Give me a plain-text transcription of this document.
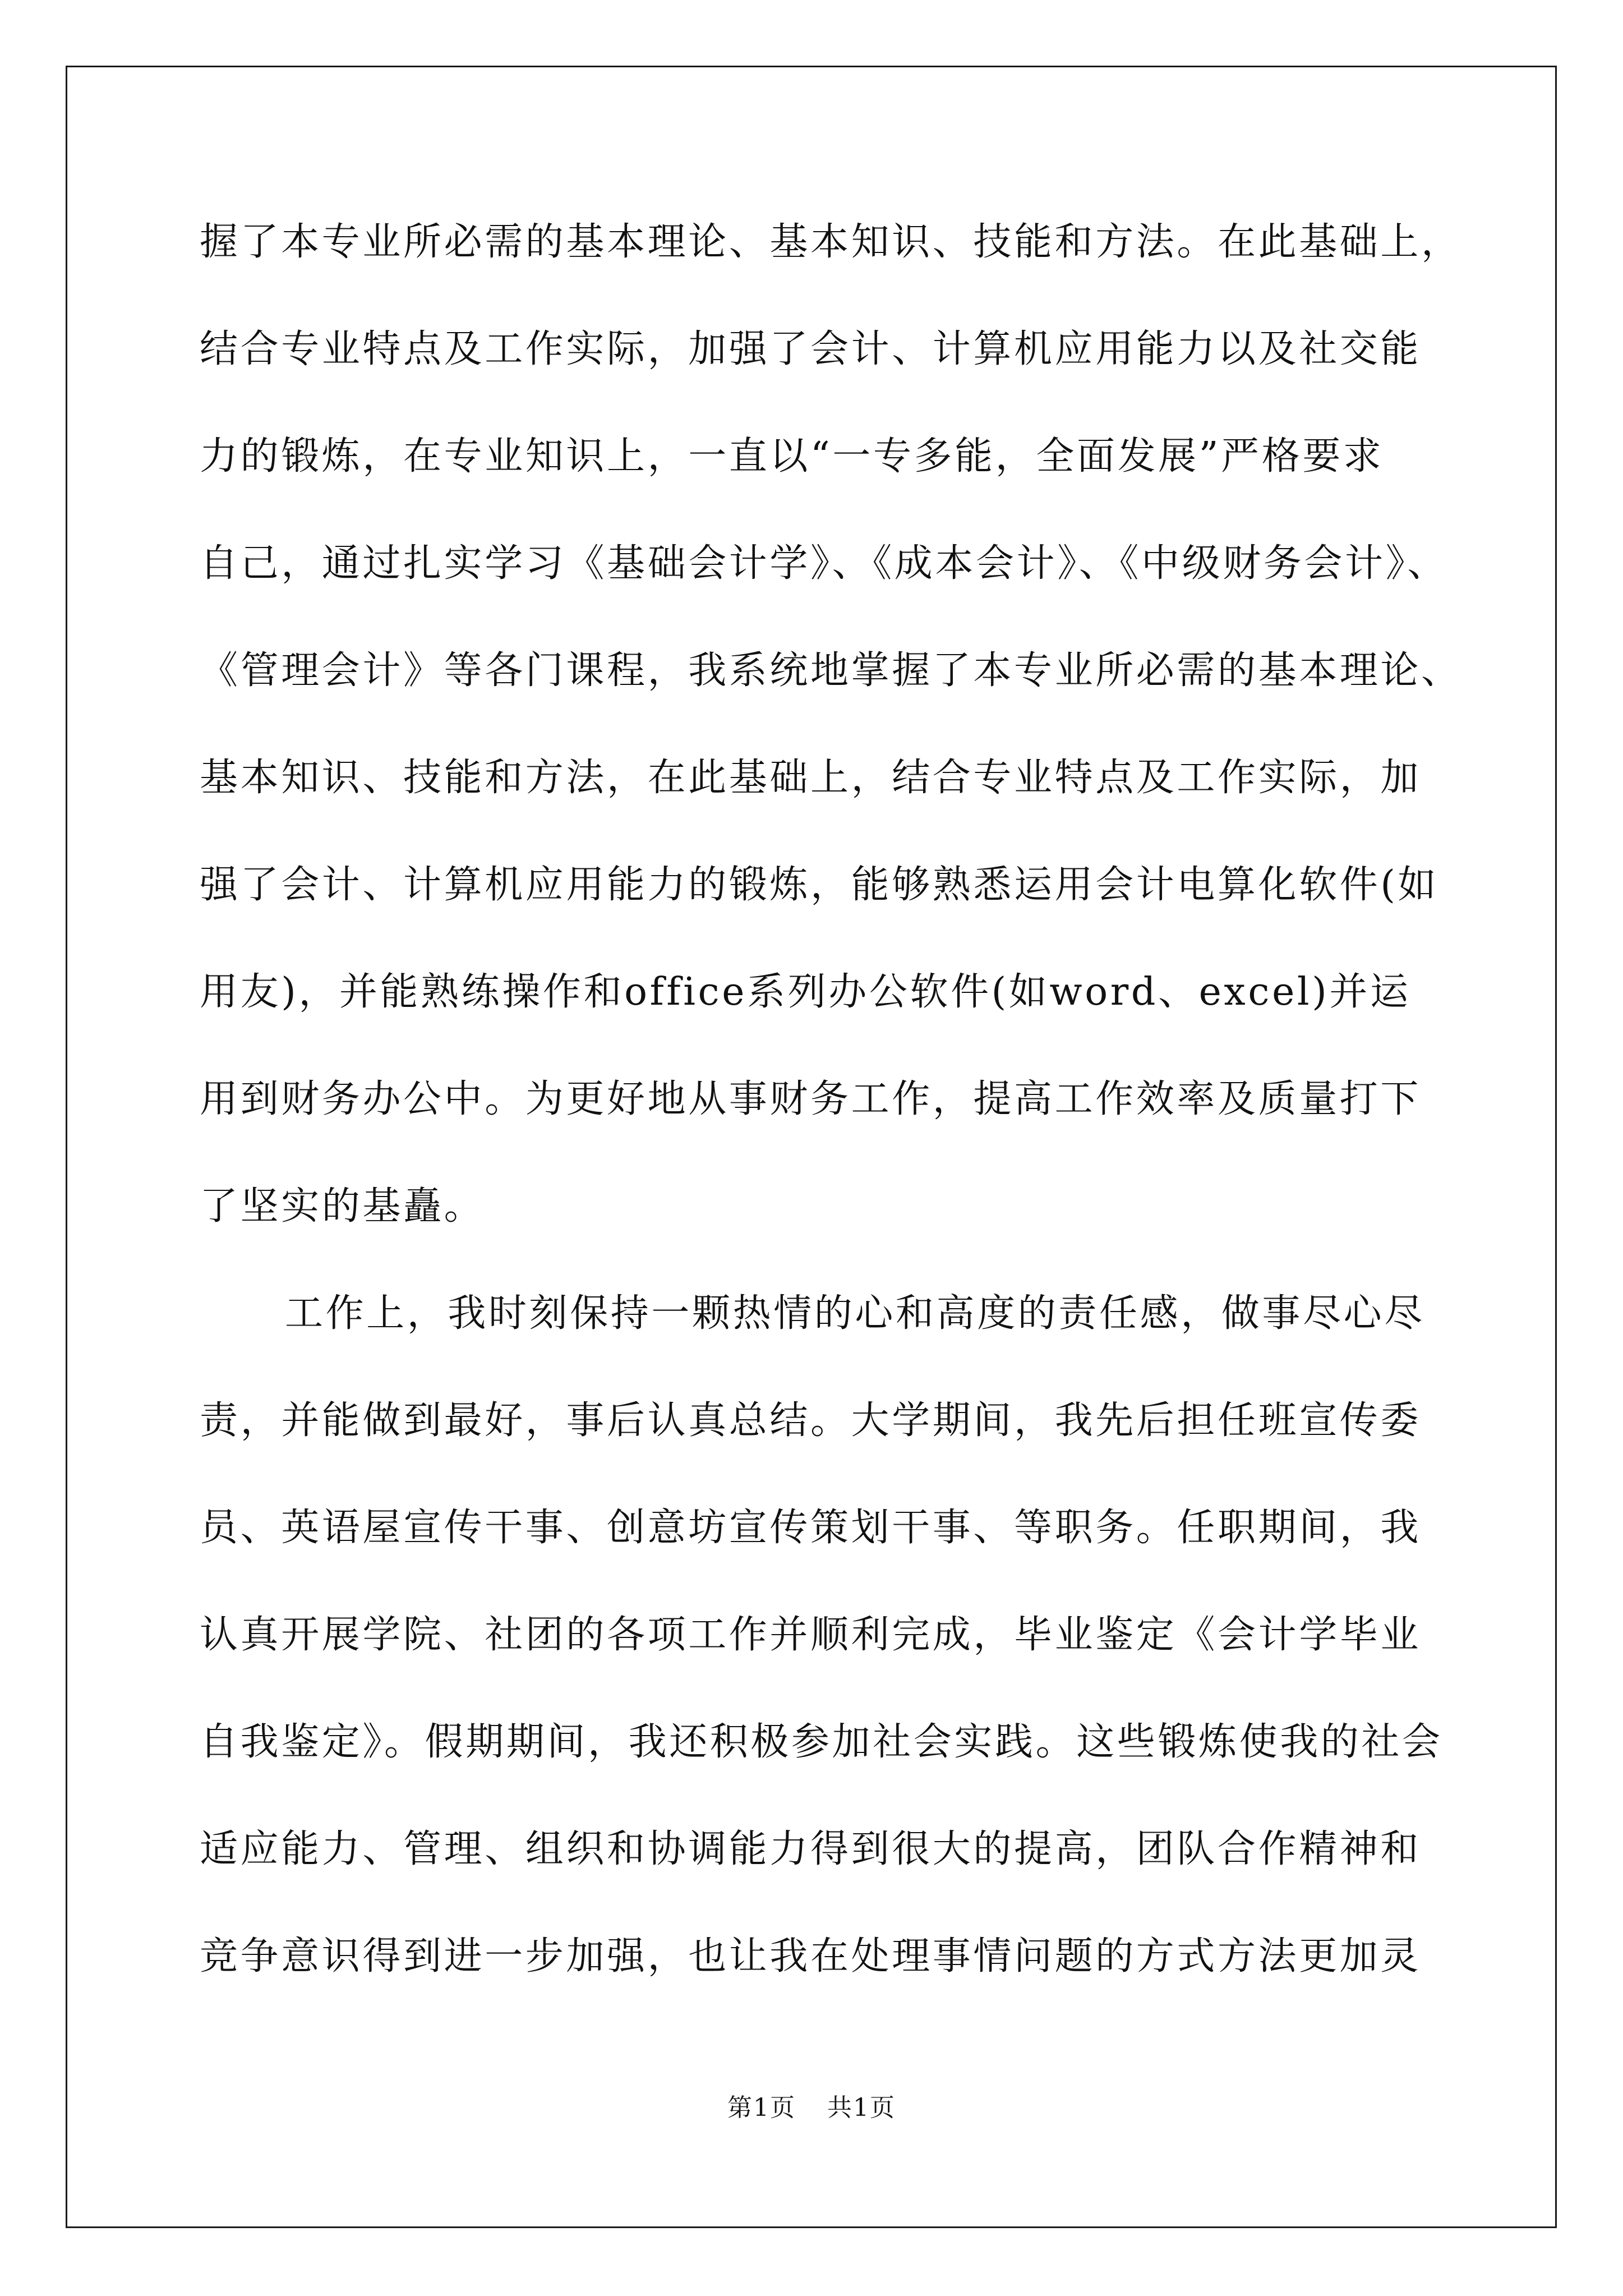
握了本专业所必需的基本理论、基本知识、技能和方法。在此基础上，
结合专业特点及工作实际，加强了会计、计算机应用能力以及社交能
力的锻炼，在专业知识上，一直以“一专多能，全面发展”严格要求
自己，通过扎实学习《基础会计学》、《成本会计》、《中级财务会计》、
《管理会计》等各门课程，我系统地掌握了本专业所必需的基本理论、
基本知识、技能和方法，在此基础上，结合专业特点及工作实际，加
强了会计、计算机应用能力的锻炼，能够熟悉运用会计电算化软件(如
用友)，并能熟练操作和office系列办公软件(如word、excel)并运
用到财务办公中。为更好地从事财务工作，提高工作效率及质量打下
了坚实的基矗。
工作上，我时刻保持一颗热情的心和高度的责任感，做事尽心尽
责，并能做到最好，事后认真总结。大学期间，我先后担任班宣传委
员、英语屋宣传干事、创意坊宣传策划干事、等职务。任职期间，我
认真开展学院、社团的各项工作并顺利完成，毕业鉴定《会计学毕业
自我鉴定》。假期期间，我还积极参加社会实践。这些锻炼使我的社会
适应能力、管理、组织和协调能力得到很大的提高，团队合作精神和
竞争意识得到进一步加强，也让我在处理事情问题的方式方法更加灵
第1页 共1页
